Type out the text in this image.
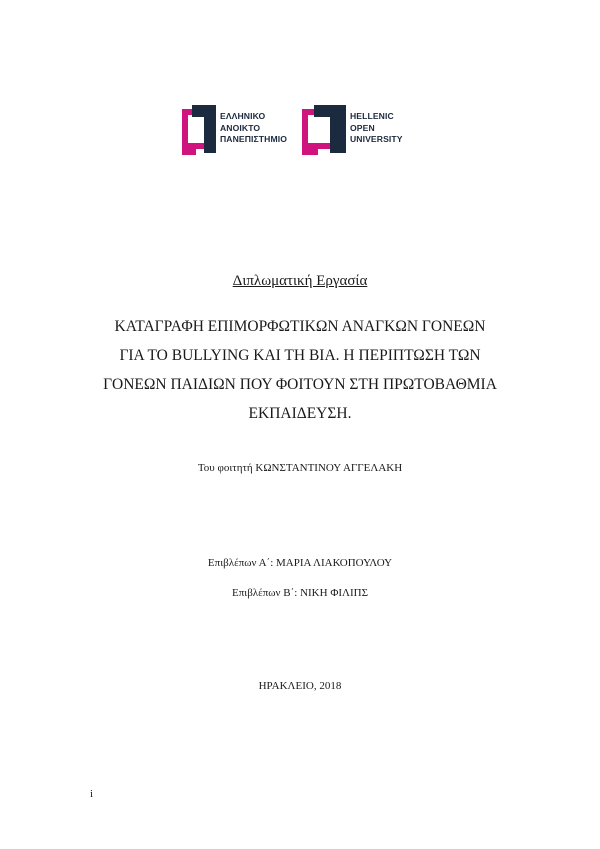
ΕΛΛΗΝΙΚΟ
ΑΝΟΙΚΤΟ
ΠΑΝΕΠΙΣΤΗΜΙΟ
HELLENIC
OPEN
UNIVERSITY
Διπλωματική Εργασία
ΚΑΤΑΓΡΑΦΗ ΕΠΙΜΟΡΦΩΤΙΚΩΝ ΑΝΑΓΚΩΝ ΓΟΝΕΩΝ
ΓΙΑ ΤΟ BULLYING ΚΑΙ ΤΗ ΒΙΑ. Η ΠΕΡΙΠΤΩΣΗ ΤΩΝ
ΓΟΝΕΩΝ ΠΑΙΔΙΩΝ ΠΟΥ ΦΟΙΤΟΥΝ ΣΤΗ ΠΡΩΤΟΒΑΘΜΙΑ
ΕΚΠΑΙΔΕΥΣΗ.
Του φοιτητή ΚΩΝΣΤΑΝΤΙΝΟΥ ΑΓΓΕΛΑΚΗ
Επιβλέπων Α΄: ΜΑΡΙΑ ΛΙΑΚΟΠΟΥΛΟΥ
Επιβλέπων Β΄: ΝΙΚΗ ΦΙΛΙΠΣ
ΗΡΑΚΛΕΙΟ, 2018
i
